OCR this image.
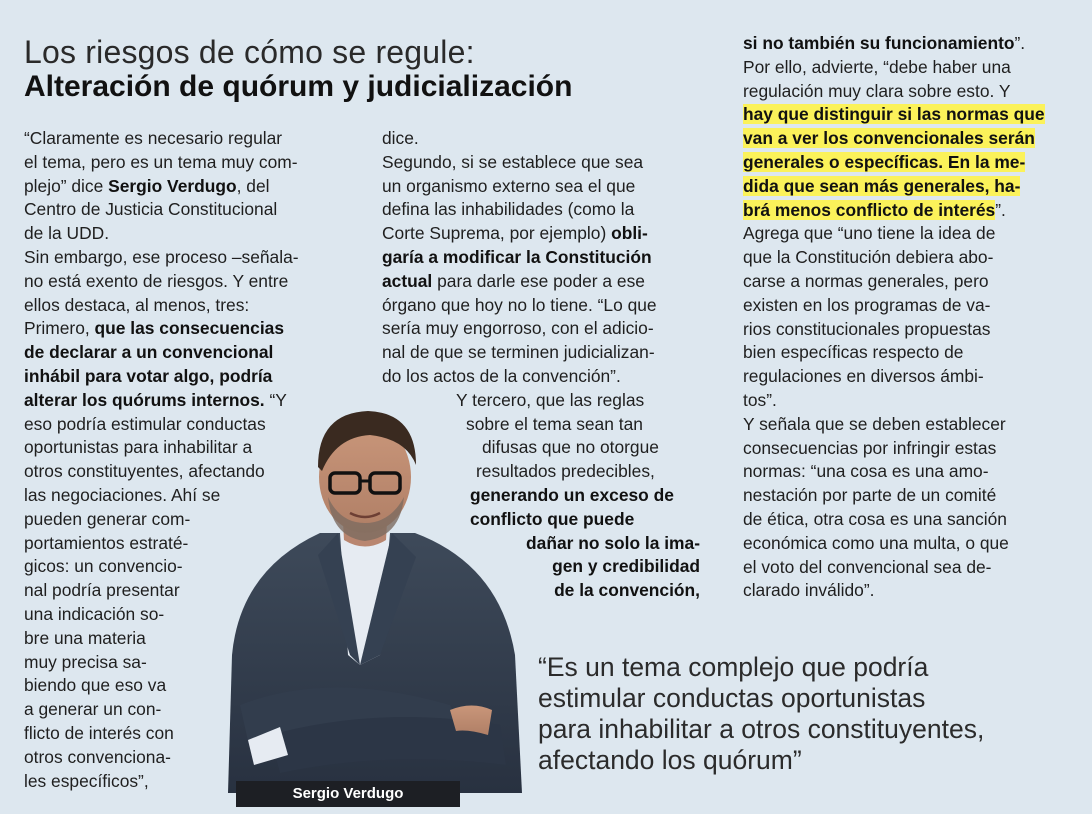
Los riesgos de cómo se regule:
Alteración de quórum y judicialización
“Claramente es necesario regular
el tema, pero es un tema muy com-
plejo” dice Sergio Verdugo, del
Centro de Justicia Constitucional
de la UDD.
Sin embargo, ese proceso –señala-
no está exento de riesgos. Y entre
ellos destaca, al menos, tres:
Primero, que las consecuencias
de declarar a un convencional
inhábil para votar algo, podría
alterar los quórums internos. “Y
eso podría estimular conductas
oportunistas para inhabilitar a
otros constituyentes, afectando
las negociaciones. Ahí se
pueden generar com-
portamientos estraté-
gicos: un convencio-
nal podría presentar
una indicación so-
bre una materia
muy precisa sa-
biendo que eso va
a generar un con-
flicto de interés con
otros convenciona-
les específicos”,
dice.
Segundo, si se establece que sea
un organismo externo sea el que
defina las inhabilidades (como la
Corte Suprema, por ejemplo) obli-
garía a modificar la Constitución
actual para darle ese poder a ese
órgano que hoy no lo tiene. “Lo que
sería muy engorroso, con el adicio-
nal de que se terminen judicializan-
do los actos de la convención”.
Y tercero, que las reglas
sobre el tema sean tan
difusas que no otorgue
resultados predecibles,
generando un exceso de
conflicto que puede
dañar no solo la ima-
gen y credibilidad
de la convención,
si no también su funcionamiento”.
Por ello, advierte, “debe haber una
regulación muy clara sobre esto. Y
hay que distinguir si las normas que
van a ver los convencionales serán
generales o específicas. En la me-
dida que sean más generales, ha-
brá menos conflicto de interés”.
Agrega que “uno tiene la idea de
que la Constitución debiera abo-
carse a normas generales, pero
existen en los programas de va-
rios constitucionales propuestas
bien específicas respecto de
regulaciones en diversos ámbi-
tos”.
Y señala que se deben establecer
consecuencias por infringir estas
normas: “una cosa es una amo-
nestación por parte de un comité
de ética, otra cosa es una sanción
económica como una multa, o que
el voto del convencional sea de-
clarado inválido”.
Sergio Verdugo
“Es un tema complejo que podría
estimular conductas oportunistas
para inhabilitar a otros constituyentes,
afectando los quórum”
